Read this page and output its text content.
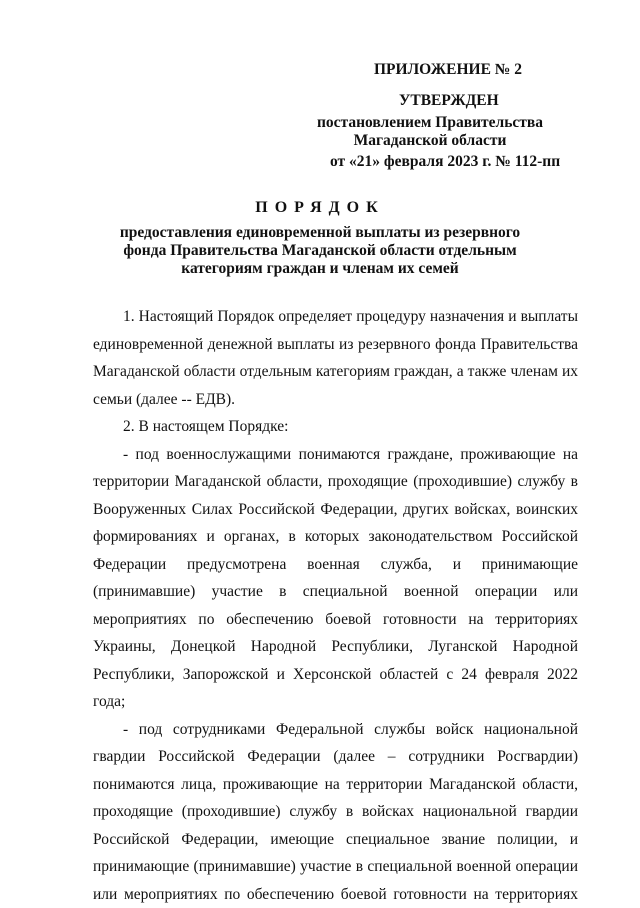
ПРИЛОЖЕНИЕ № 2
УТВЕРЖДЕН
постановлением Правительства Магаданской области
от «21» февраля 2023 г. № 112-пп
ПОРЯДОК
предоставления единовременной выплаты из резервного фонда Правительства Магаданской области отдельным категориям граждан и членам их семей

1. Настоящий Порядок определяет процедуру назначения и выплаты единовременной денежной выплаты из резервного фонда Правительства Магаданской области отдельным категориям граждан, а также членам их семьи (далее -- ЕДВ).

2. В настоящем Порядке:

- под военнослужащими понимаются граждане, проживающие на территории Магаданской области, проходящие (проходившие) службу в Вооруженных Силах Российской Федерации, других войсках, воинских формированиях и органах, в которых законодательством Российской Федерации предусмотрена военная служба, и принимающие (принимавшие) участие в специальной военной операции или мероприятиях по обеспечению боевой готовности на территориях Украины, Донецкой Народной Республики, Луганской Народной Республики, Запорожской и Херсонской областей с 24 февраля 2022 года;

- под сотрудниками Федеральной службы войск национальной гвардии Российской Федерации (далее – сотрудники Росгвардии) понимаются лица, проживающие на территории Магаданской области, проходящие (проходившие) службу в войсках национальной гвардии Российской Федерации, имеющие специальное звание полиции, и принимающие (принимавшие) участие в специальной военной операции или мероприятиях по обеспечению боевой готовности на территориях
